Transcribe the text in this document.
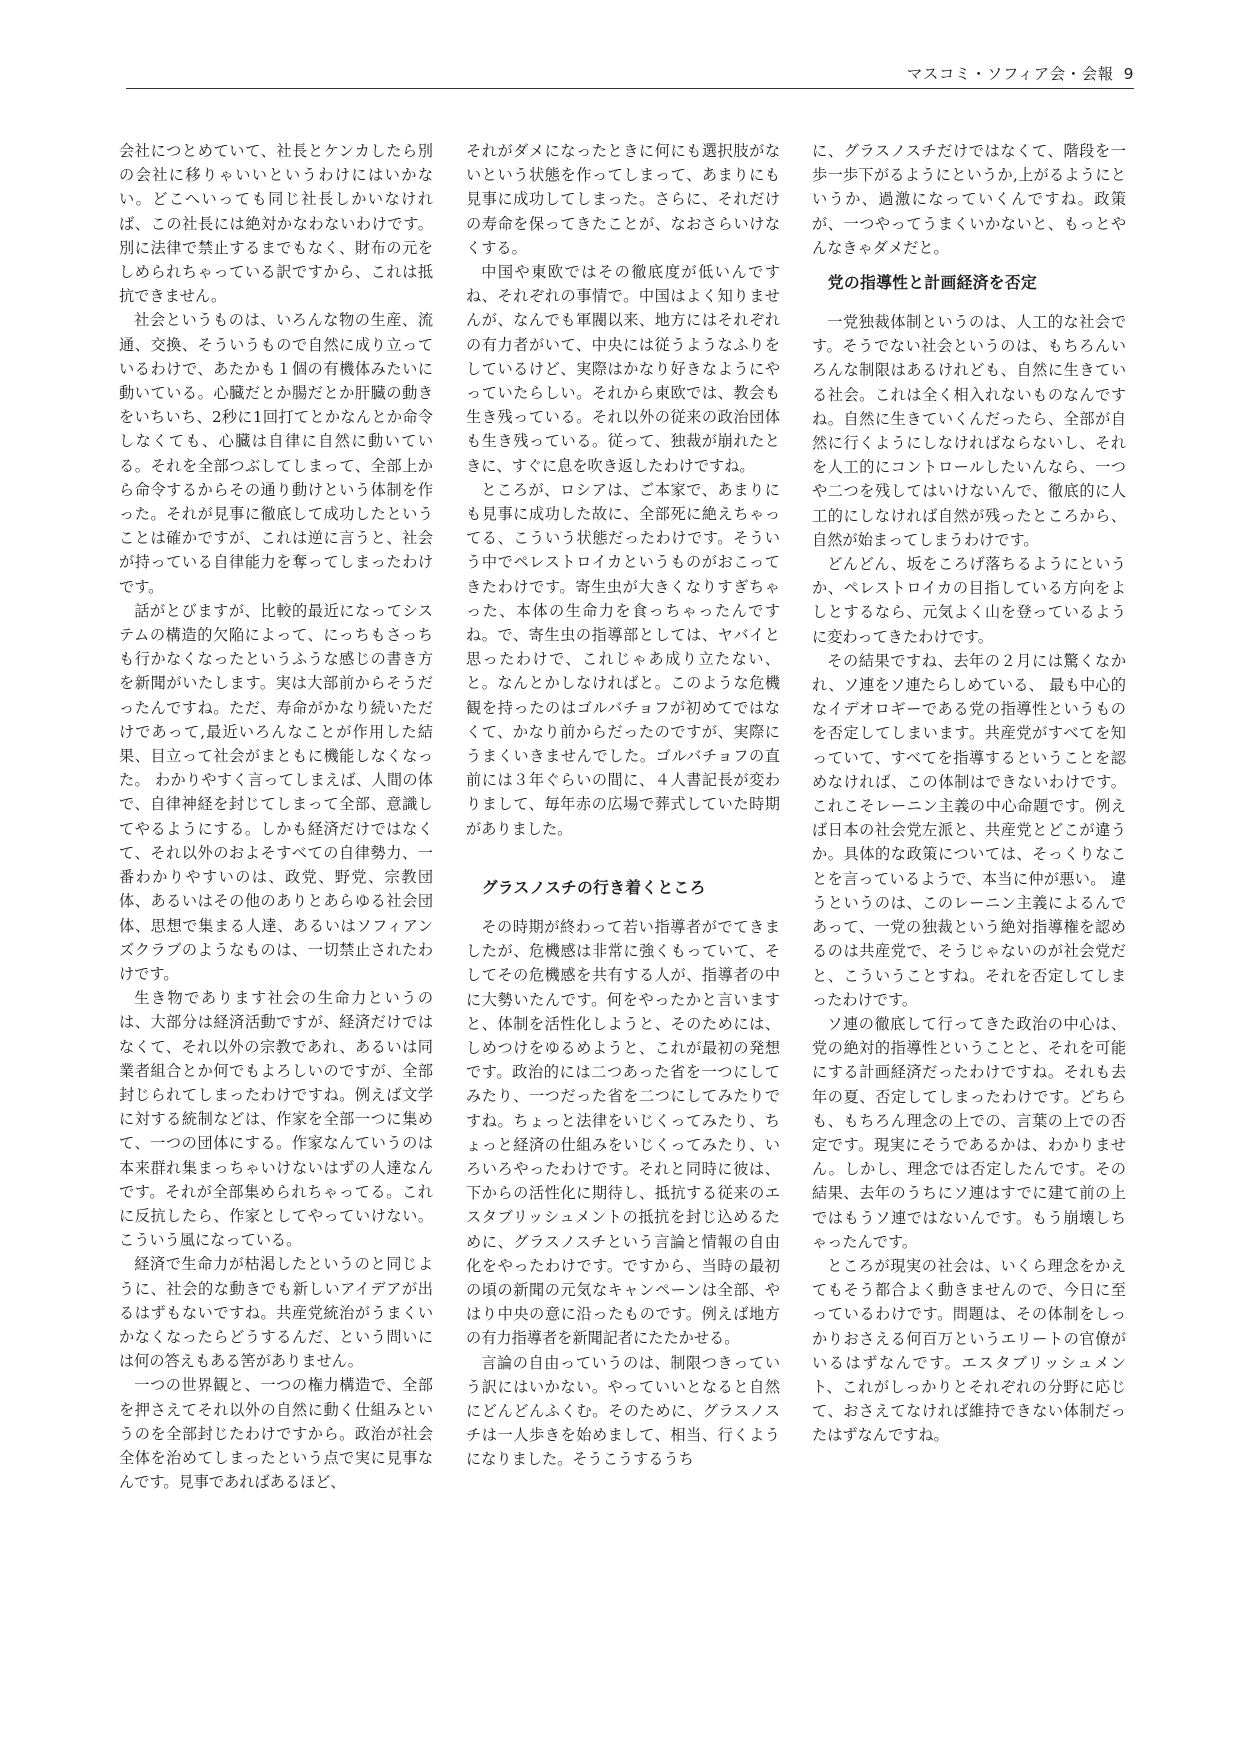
マスコミ・ソフィア会・会報 9

会社につとめていて、社長とケンカしたら別の会社に移りゃいいというわけにはいかない。どこへいっても同じ社長しかいなければ、この社長には絶対かなわないわけです。別に法律で禁止するまでもなく、財布の元をしめられちゃっている訳ですから、これは抵抗できません。

社会というものは、いろんな物の生産、流通、交換、そういうもので自然に成り立っているわけで、あたかも１個の有機体みたいに動いている。心臓だとか腸だとか肝臓の動きをいちいち、2秒に1回打てとかなんとか命令しなくても、心臓は自律に自然に動いている。それを全部つぶしてしまって、全部上から命令するからその通り動けという体制を作った。それが見事に徹底して成功したということは確かですが、これは逆に言うと、社会が持っている自律能力を奪ってしまったわけです。

話がとびますが、比較的最近になってシステムの構造的欠陥によって、にっちもさっちも行かなくなったというふうな感じの書き方を新聞がいたします。実は大部前からそうだったんですね。ただ、寿命がかなり続いただけであって,最近いろんなことが作用した結果、目立って社会がまともに機能しなくなった。 わかりやすく言ってしまえば、人間の体で、自律神経を封じてしまって全部、意識してやるようにする。しかも経済だけではなくて、それ以外のおよそすべての自律勢力、一番わかりやすいのは、政党、野党、宗教団体、あるいはその他のありとあらゆる社会団体、思想で集まる人達、あるいはソフィアンズクラブのようなものは、一切禁止されたわけです。

生き物であります社会の生命力というのは、大部分は経済活動ですが、経済だけではなくて、それ以外の宗教であれ、あるいは同業者組合とか何でもよろしいのですが、全部封じられてしまったわけですね。例えば文学に対する統制などは、作家を全部一つに集めて、一つの団体にする。作家なんていうのは本来群れ集まっちゃいけないはずの人達なんです。それが全部集められちゃってる。これに反抗したら、作家としてやっていけない。こういう風になっている。

経済で生命力が枯渇したというのと同じように、社会的な動きでも新しいアイデアが出るはずもないですね。共産党統治がうまくいかなくなったらどうするんだ、という問いには何の答えもある筈がありません。

一つの世界観と、一つの権力構造で、全部を押さえてそれ以外の自然に動く仕組みというのを全部封じたわけですから。政治が社会全体を治めてしまったという点で実に見事なんです。見事であればあるほど、

それがダメになったときに何にも選択肢がないという状態を作ってしまって、あまりにも見事に成功してしまった。さらに、それだけの寿命を保ってきたことが、なおさらいけなくする。

中国や東欧ではその徹底度が低いんですね、それぞれの事情で。中国はよく知りませんが、なんでも軍閥以来、地方にはそれぞれの有力者がいて、中央には従うようなふりをしているけど、実際はかなり好きなようにやっていたらしい。それから東欧では、教会も生き残っている。それ以外の従来の政治団体も生き残っている。従って、独裁が崩れたときに、すぐに息を吹き返したわけですね。

ところが、ロシアは、ご本家で、あまりにも見事に成功した故に、全部死に絶えちゃってる、こういう状態だったわけです。そういう中でペレストロイカというものがおこってきたわけです。寄生虫が大きくなりすぎちゃった、本体の生命力を食っちゃったんですね。で、寄生虫の指導部としては、ヤバイと思ったわけで、これじゃあ成り立たない、と。なんとかしなければと。このような危機観を持ったのはゴルバチョフが初めてではなくて、かなり前からだったのですが、実際にうまくいきませんでした。ゴルバチョフの直前には３年ぐらいの間に、４人書記長が変わりまして、毎年赤の広場で葬式していた時期がありました。

グラスノスチの行き着くところ

その時期が終わって若い指導者がでてきましたが、危機感は非常に強くもっていて、そしてその危機感を共有する人が、指導者の中に大勢いたんです。何をやったかと言いますと、体制を活性化しようと、そのためには、しめつけをゆるめようと、これが最初の発想です。政治的には二つあった省を一つにしてみたり、一つだった省を二つにしてみたりですね。ちょっと法律をいじくってみたり、ちょっと経済の仕組みをいじくってみたり、いろいろやったわけです。それと同時に彼は、下からの活性化に期待し、抵抗する従来のエスタブリッシュメントの抵抗を封じ込めるために、グラスノスチという言論と情報の自由化をやったわけです。ですから、当時の最初の頃の新聞の元気なキャンペーンは全部、やはり中央の意に沿ったものです。例えば地方の有力指導者を新聞記者にたたかせる。

言論の自由っていうのは、制限つきっていう訳にはいかない。やっていいとなると自然にどんどんふくむ。そのために、グラスノスチは一人歩きを始めまして、相当、行くようになりました。そうこうするうち

に、グラスノスチだけではなくて、階段を一歩一歩下がるようにというか,上がるようにというか、過激になっていくんですね。政策が、一つやってうまくいかないと、もっとやんなきゃダメだと。

党の指導性と計画経済を否定

一党独裁体制というのは、人工的な社会です。そうでない社会というのは、もちろんいろんな制限はあるけれども、自然に生きている社会。これは全く相入れないものなんですね。自然に生きていくんだったら、全部が自然に行くようにしなければならないし、それを人工的にコントロールしたいんなら、一つや二つを残してはいけないんで、徹底的に人工的にしなければ自然が残ったところから、自然が始まってしまうわけです。

どんどん、坂をころげ落ちるようにというか、ペレストロイカの目指している方向をよしとするなら、元気よく山を登っているように変わってきたわけです。

その結果ですね、去年の２月には驚くなかれ、ソ連をソ連たらしめている、 最も中心的なイデオロギーである党の指導性というものを否定してしまいます。共産党がすべてを知っていて、すべてを指導するということを認めなければ、この体制はできないわけです。これこそレーニン主義の中心命題です。例えば日本の社会党左派と、共産党とどこが違うか。具体的な政策については、そっくりなことを言っているようで、本当に仲が悪い。 違うというのは、このレーニン主義によるんであって、一党の独裁という絶対指導権を認めるのは共産党で、そうじゃないのが社会党だと、こういうことすね。それを否定してしまったわけです。

ソ連の徹底して行ってきた政治の中心は、党の絶対的指導性ということと、それを可能にする計画経済だったわけですね。それも去年の夏、否定してしまったわけです。どちらも、もちろん理念の上での、言葉の上での否定です。現実にそうであるかは、わかりません。しかし、理念では否定したんです。その結果、去年のうちにソ連はすでに建て前の上ではもうソ連ではないんです。もう崩壊しちゃったんです。

ところが現実の社会は、いくら理念をかえてもそう都合よく動きませんので、今日に至っているわけです。問題は、その体制をしっかりおさえる何百万というエリートの官僚がいるはずなんです。エスタブリッシュメント、これがしっかりとそれぞれの分野に応じて、おさえてなければ維持できない体制だったはずなんですね。
